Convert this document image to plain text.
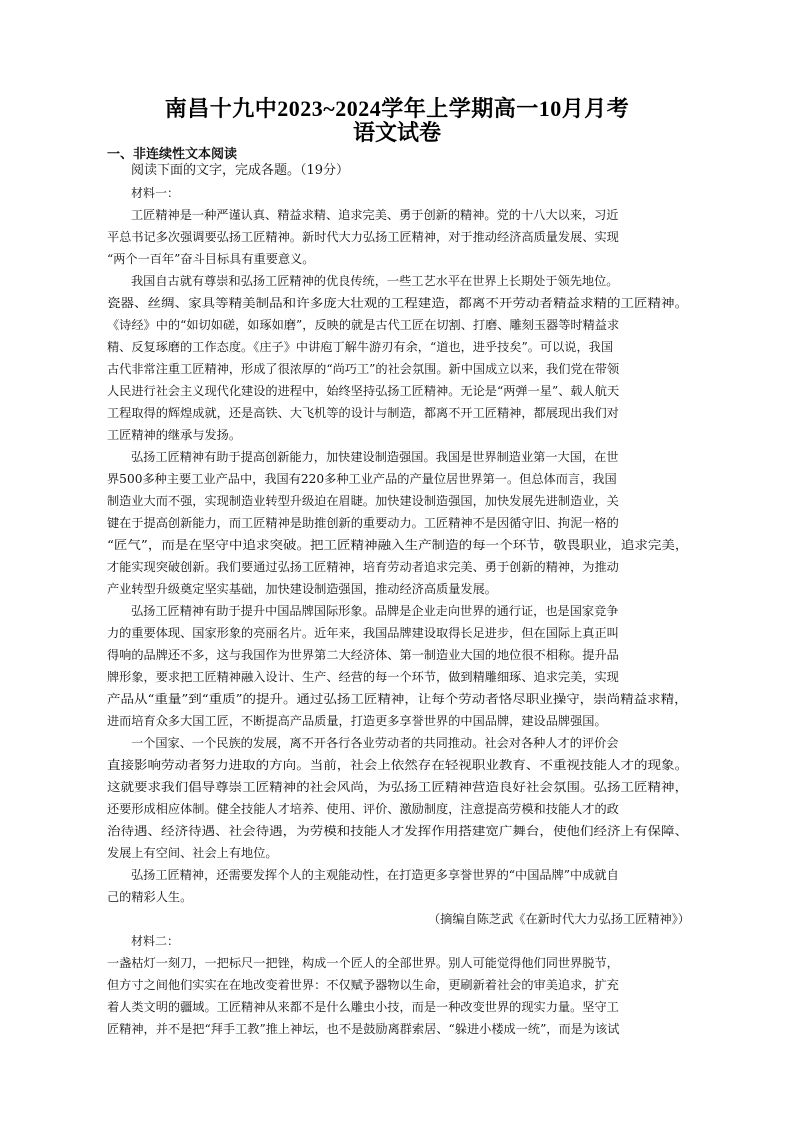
南昌十九中2023~2024学年上学期高一10月月考
语文试卷
一、非连续性文本阅读
阅读下面的文字，完成各题。（19分）
材料一：
工匠精神是一种严谨认真、精益求精、追求完美、勇于创新的精神。党的十八大以来，习近
平总书记多次强调要弘扬工匠精神。新时代大力弘扬工匠精神，对于推动经济高质量发展、实现
“两个一百年”奋斗目标具有重要意义。
我国自古就有尊崇和弘扬工匠精神的优良传统，一些工艺水平在世界上长期处于领先地位。
瓷器、丝绸、家具等精美制品和许多庞大壮观的工程建造，都离不开劳动者精益求精的工匠精神。
《诗经》中的“如切如磋，如琢如磨”，反映的就是古代工匠在切割、打磨、雕刻玉器等时精益求
精、反复琢磨的工作态度。《庄子》中讲庖丁解牛游刃有余，“道也，进乎技矣”。可以说，我国
古代非常注重工匠精神，形成了很浓厚的“尚巧工”的社会氛围。新中国成立以来，我们党在带领
人民进行社会主义现代化建设的进程中，始终坚持弘扬工匠精神。无论是“两弹一星”、载人航天
工程取得的辉煌成就，还是高铁、大飞机等的设计与制造，都离不开工匠精神，都展现出我们对
工匠精神的继承与发扬。
弘扬工匠精神有助于提高创新能力，加快建设制造强国。我国是世界制造业第一大国，在世
界500多种主要工业产品中，我国有220多种工业产品的产量位居世界第一。但总体而言，我国
制造业大而不强，实现制造业转型升级迫在眉睫。加快建设制造强国，加快发展先进制造业，关
键在于提高创新能力，而工匠精神是助推创新的重要动力。工匠精神不是因循守旧、拘泥一格的
“匠气”，而是在坚守中追求突破。把工匠精神融入生产制造的每一个环节，敬畏职业，追求完美，
才能实现突破创新。我们要通过弘扬工匠精神，培育劳动者追求完美、勇于创新的精神，为推动
产业转型升级奠定坚实基础，加快建设制造强国，推动经济高质量发展。
弘扬工匠精神有助于提升中国品牌国际形象。品牌是企业走向世界的通行证，也是国家竞争
力的重要体现、国家形象的亮丽名片。近年来，我国品牌建设取得长足进步，但在国际上真正叫
得响的品牌还不多，这与我国作为世界第二大经济体、第一制造业大国的地位很不相称。提升品
牌形象，要求把工匠精神融入设计、生产、经营的每一个环节，做到精雕细琢、追求完美，实现
产品从“重量”到“重质”的提升。通过弘扬工匠精神，让每个劳动者恪尽职业操守，崇尚精益求精，
进而培育众多大国工匠，不断提高产品质量，打造更多享誉世界的中国品牌，建设品牌强国。
一个国家、一个民族的发展，离不开各行各业劳动者的共同推动。社会对各种人才的评价会
直接影响劳动者努力进取的方向。当前，社会上依然存在轻视职业教育、不重视技能人才的现象。
这就要求我们倡导尊崇工匠精神的社会风尚，为弘扬工匠精神营造良好社会氛围。弘扬工匠精神，
还要形成相应体制。健全技能人才培养、使用、评价、激励制度，注意提高劳模和技能人才的政
治待遇、经济待遇、社会待遇，为劳模和技能人才发挥作用搭建宽广舞台，使他们经济上有保障、
发展上有空间、社会上有地位。
弘扬工匠精神，还需要发挥个人的主观能动性，在打造更多享誉世界的“中国品牌”中成就自
己的精彩人生。
（摘编自陈芝武《在新时代大力弘扬工匠精神》）
材料二：
一盏枯灯一刻刀，一把标尺一把锉，构成一个匠人的全部世界。别人可能觉得他们同世界脱节，
但方寸之间他们实实在在地改变着世界：不仅赋予器物以生命，更刷新着社会的审美追求，扩充
着人类文明的疆域。工匠精神从来都不是什么雕虫小技，而是一种改变世界的现实力量。坚守工
匠精神，并不是把“拜手工教”推上神坛，也不是鼓励离群索居、“躲进小楼成一统”，而是为该试
